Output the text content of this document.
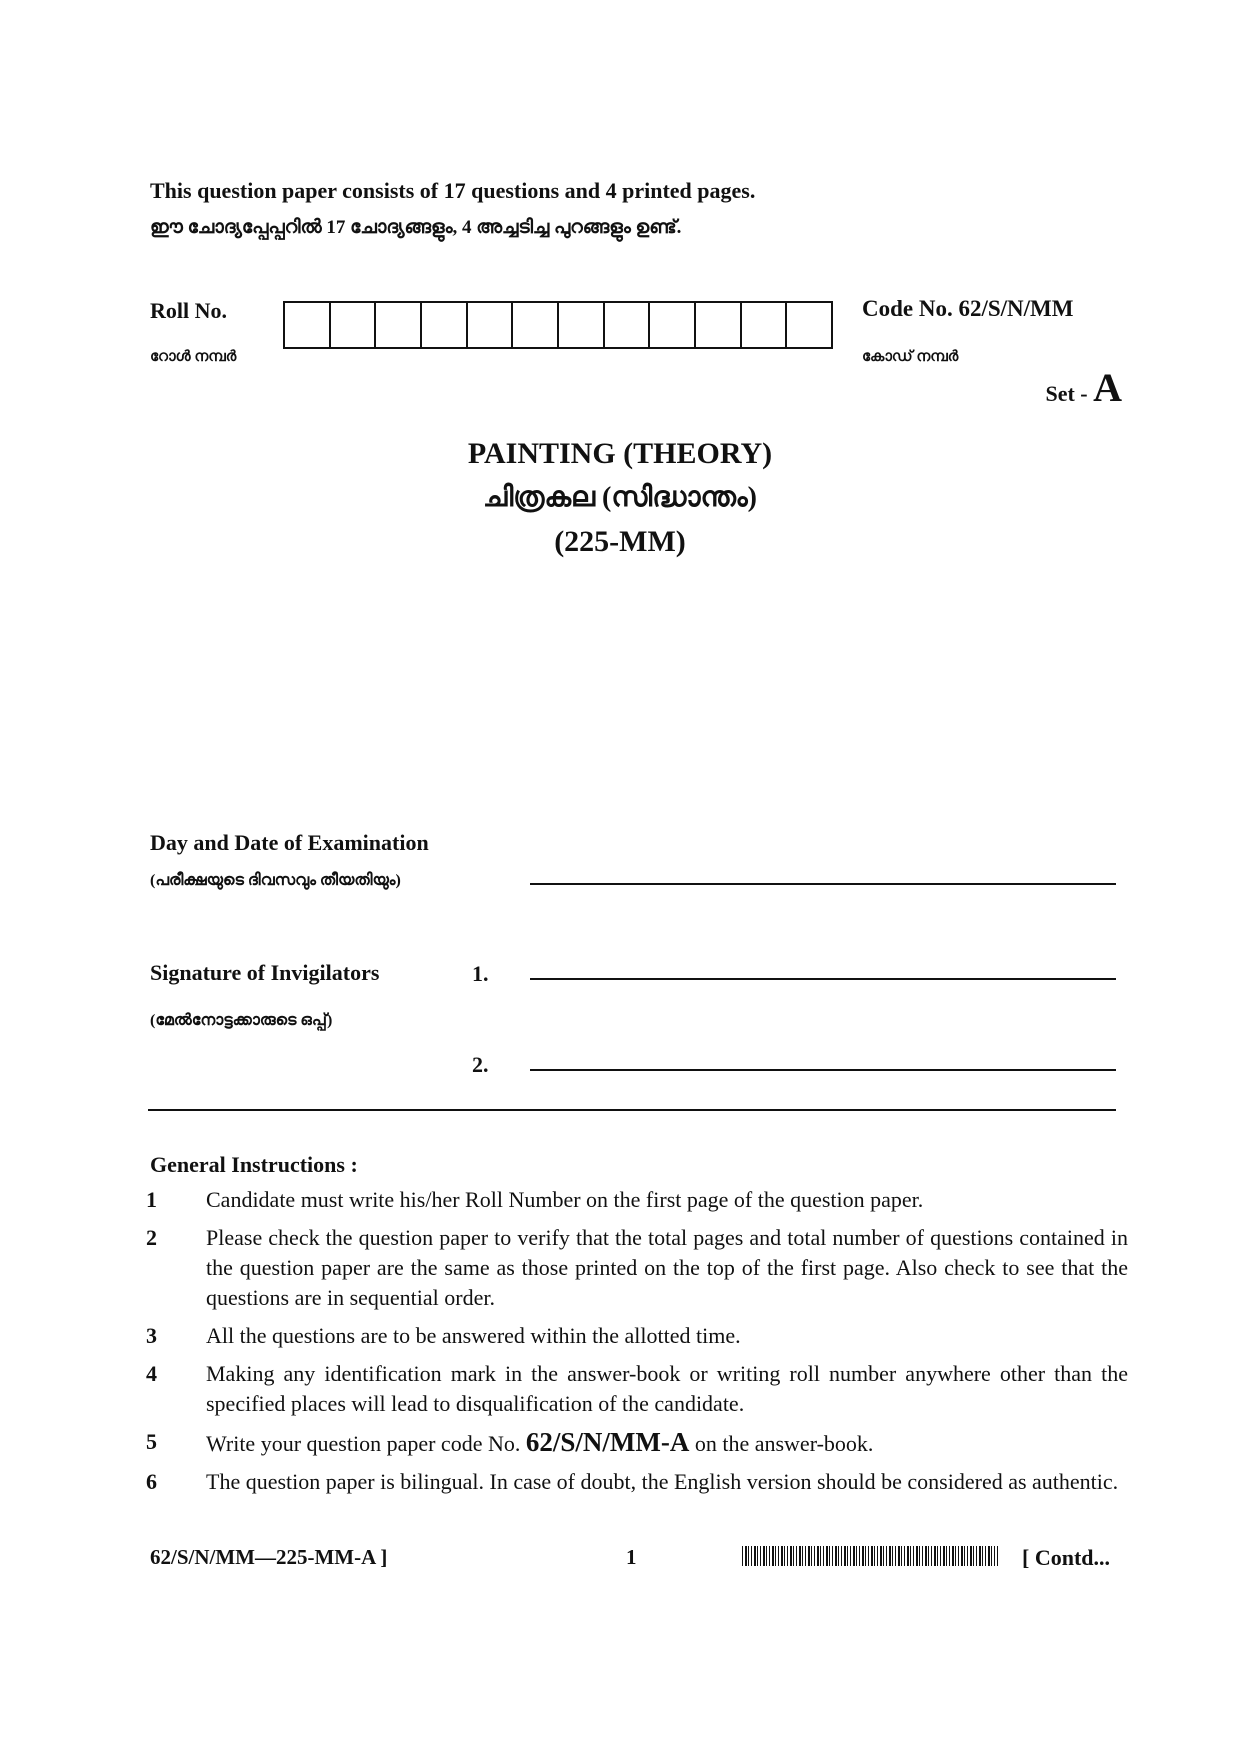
This question paper consists of 17 questions and 4 printed pages.
ഈ ചോദ്യപ്പേപ്പറിൽ 17 ചോദ്യങ്ങളും, 4 അച്ചടിച്ച പുറങ്ങളും ഉണ്ട്.
Roll No.
റോൾ നമ്പർ
Code No. 62/S/N/MM
കോഡ് നമ്പർ
Set - A
PAINTING (THEORY)
ചിത്രകല (സിദ്ധാന്തം)
(225-MM)
Day and Date of Examination
(പരീക്ഷയുടെ ദിവസവും തീയതിയും)
Signature of Invigilators	1.
(മേൽനോട്ടക്കാരുടെ ഒപ്പ്)
2.
General Instructions :
1	Candidate must write his/her Roll Number on the first page of the question paper.
2	Please check the question paper to verify that the total pages and total number of questions contained in the question paper are the same as those printed on the top of the first page. Also check to see that the questions are in sequential order.
3	All the questions are to be answered within the allotted time.
4	Making any identification mark in the answer-book or writing roll number anywhere other than the specified places will lead to disqualification of the candidate.
5	Write your question paper code No. 62/S/N/MM-A on the answer-book.
6	The question paper is bilingual. In case of doubt, the English version should be considered as authentic.
62/S/N/MM—225-MM-A ]	1	[ Contd...
